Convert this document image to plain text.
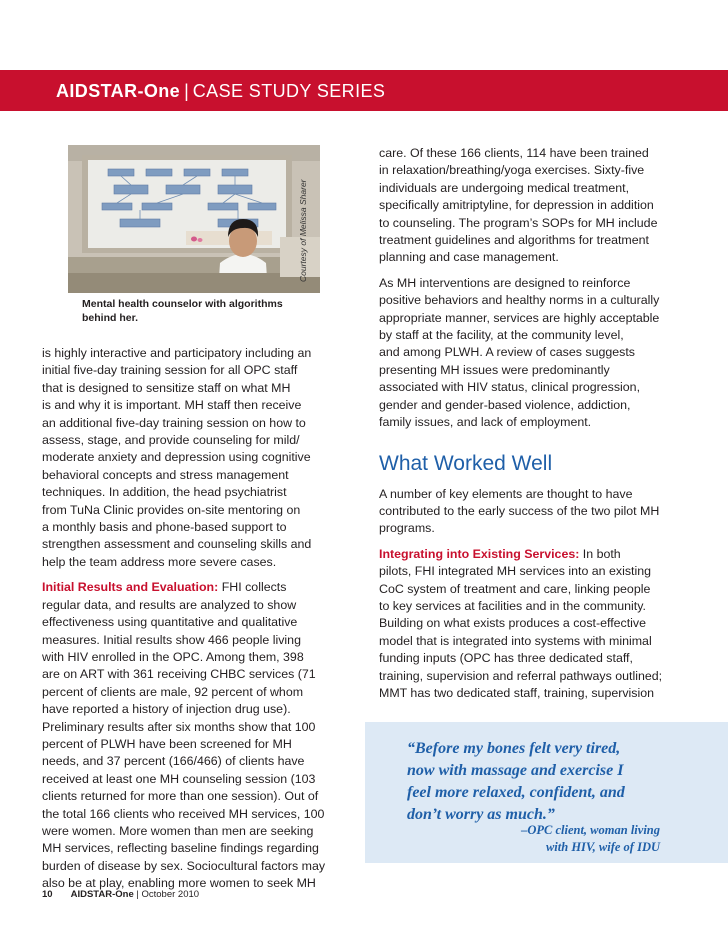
AIDSTAR-One | CASE STUDY SERIES
Courtesy of Melissa Sharer
Mental health counselor with algorithms
behind her.

is highly interactive and participatory including an

initial five-day training session for all OPC staff

that is designed to sensitize staff on what MH

is and why it is important. MH staff then receive

an additional five-day training session on how to

assess, stage, and provide counseling for mild/

moderate anxiety and depression using cognitive

behavioral concepts and stress management

techniques. In addition, the head psychiatrist

from TuNa Clinic provides on-site mentoring on

a monthly basis and phone-based support to

strengthen assessment and counseling skills and

help the team address more severe cases.

Initial Results and Evaluation: FHI collects

regular data, and results are analyzed to show

effectiveness using quantitative and qualitative

measures. Initial results show 466 people living

with HIV enrolled in the OPC. Among them, 398

are on ART with 361 receiving CHBC services (71

percent of clients are male, 92 percent of whom

have reported a history of injection drug use).

Preliminary results after six months show that 100

percent of PLWH have been screened for MH

needs, and 37 percent (166/466) of clients have

received at least one MH counseling session (103

clients returned for more than one session). Out of

the total 166 clients who received MH services, 100

were women. More women than men are seeking

MH services, reflecting baseline findings regarding

burden of disease by sex. Sociocultural factors may

also be at play, enabling more women to seek MH

care. Of these 166 clients, 114 have been trained

in relaxation/breathing/yoga exercises. Sixty-five

individuals are undergoing medical treatment,

specifically amitriptyline, for depression in addition

to counseling. The program’s SOPs for MH include

treatment guidelines and algorithms for treatment

planning and case management.

As MH interventions are designed to reinforce

positive behaviors and healthy norms in a culturally

appropriate manner, services are highly acceptable

by staff at the facility, at the community level,

and among PLWH. A review of cases suggests

presenting MH issues were predominantly

associated with HIV status, clinical progression,

gender and gender-based violence, addiction,

family issues, and lack of employment.

What Worked Well

A number of key elements are thought to have

contributed to the early success of the two pilot MH

programs.

Integrating into Existing Services: In both

pilots, FHI integrated MH services into an existing

CoC system of treatment and care, linking people

to key services at facilities and in the community.

Building on what exists produces a cost-effective

model that is integrated into systems with minimal

funding inputs (OPC has three dedicated staff,

training, supervision and referral pathways outlined;

MMT has two dedicated staff, training, supervision

“Before my bones felt very tired,

now with massage and exercise I

feel more relaxed, confident, and

don’t worry as much.”

–OPC client, woman living

with HIV, wife of IDU

10 AIDSTAR-One | October 2010
